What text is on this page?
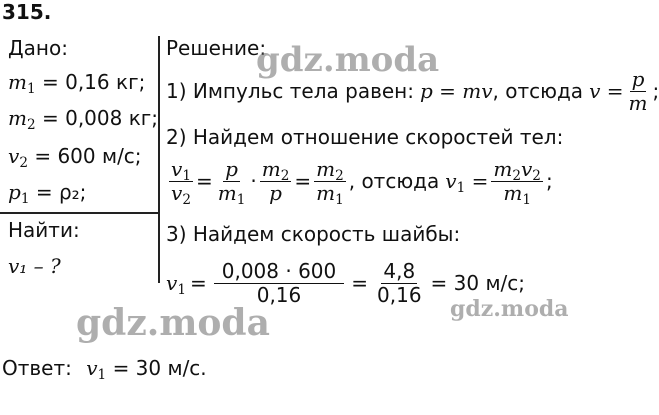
315.
Дано:
$m_1 = 0,16$ кг;
$m_2 = 0,008$ кг;
$v_2 = 600$ м/с;
$p_1 = \rho_2$;
Найти:
v₁ – ?
Решение:
1) Импульс тела равен: p = mv , отсюда $v = \frac{p}{m}$ ;
2) Найдем отношение скоростей тел:
$\frac{v_1}{v_2} = \frac{p}{m_1} \cdot \frac{m_2}{p} = \frac{m_2}{m_1}$ , отсюда $v_1 = \frac{m_2v_2}{m_1}$ ;
3) Найдем скорость шайбы:
$v_1 = \frac{0,008 \cdot 600}{0,16} = \frac{4,8}{0,16} = 30$ м/с;
Ответ: $v_1 = 30$ м/с.
gdz.moda
gdz.moda	gdz.moda
